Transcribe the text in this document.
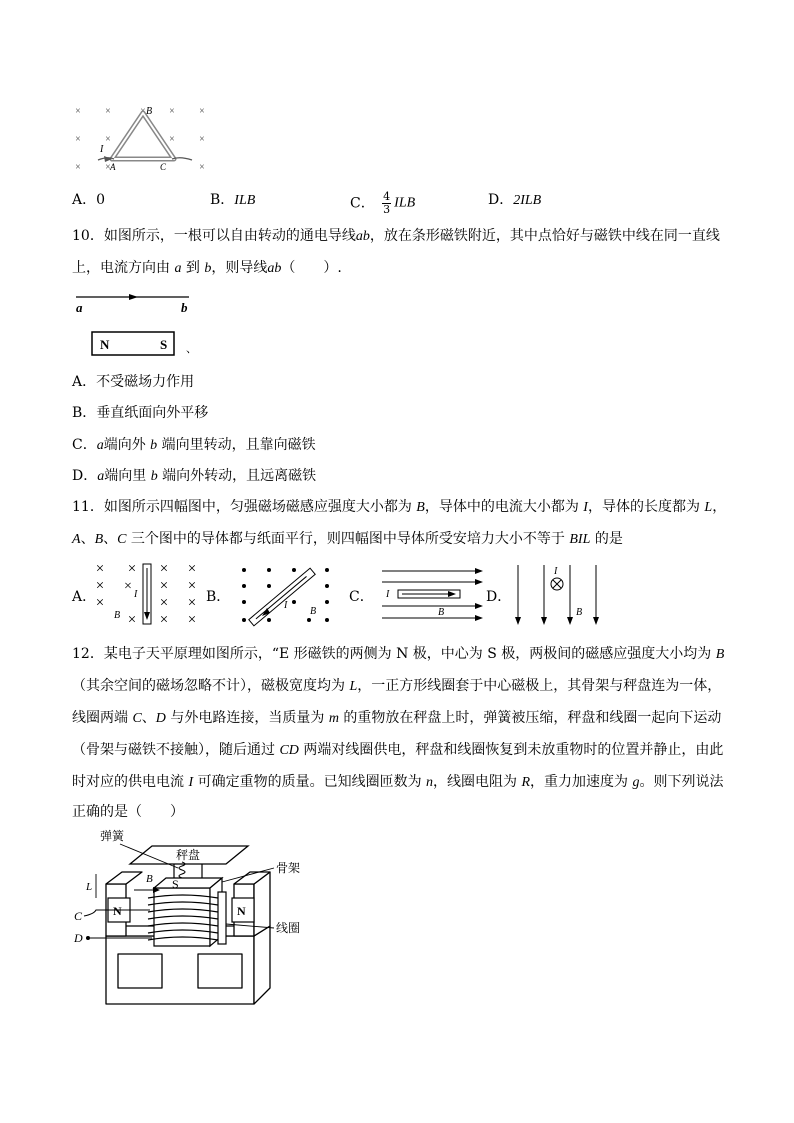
× ×	× × ×
× ×	× ×
× ×	×
B
I
A	C
A．0	B．ILB	C． $\frac{4}{3}$ ILB	D．2ILB
10．如图所示，一根可以自由转动的通电导线ab，放在条形磁铁附近，其中点恰好与磁铁中线在同一直线
上，电流方向由 a 到 b，则导线ab（　　）.
a	b
N	S 、
A．不受磁场力作用
B．垂直纸面向外平移
C．a端向外 b 端向里转动，且靠向磁铁
D．a端向里 b 端向外转动，且远离磁铁
11．如图所示四幅图中，匀强磁场磁感应强度大小都为 B，导体中的电流大小都为 I，导体的长度都为 L，
A、B、C 三个图中的导体都与纸面平行，则四幅图中导体所受安培力大小不等于 BIL 的是
A．
× × × ×
×	× ×
×	× ×
× × ×
×
I
B
B．
I
B
C． I
B
D．
I
B
12．某电子天平原理如图所示，“E 形磁铁的两侧为 N 极，中心为 S 极，两极间的磁感应强度大小均为 B
（其余空间的磁场忽略不计），磁极宽度均为 L，一正方形线圈套于中心磁极上，其骨架与秤盘连为一体，
线圈两端 C、D 与外电路连接，当质量为 m 的重物放在秤盘上时，弹簧被压缩，秤盘和线圈一起向下运动
（骨架与磁铁不接触），随后通过 CD 两端对线圈供电，秤盘和线圈恢复到未放重物时的位置并静止，由此
时对应的供电电流 I 可确定重物的质量。已知线圈匝数为 n，线圈电阻为 R，重力加速度为 g。则下列说法
正确的是（　　）
N	N
S
秤盘
弹簧
骨架
线圈
L
B
C
D
